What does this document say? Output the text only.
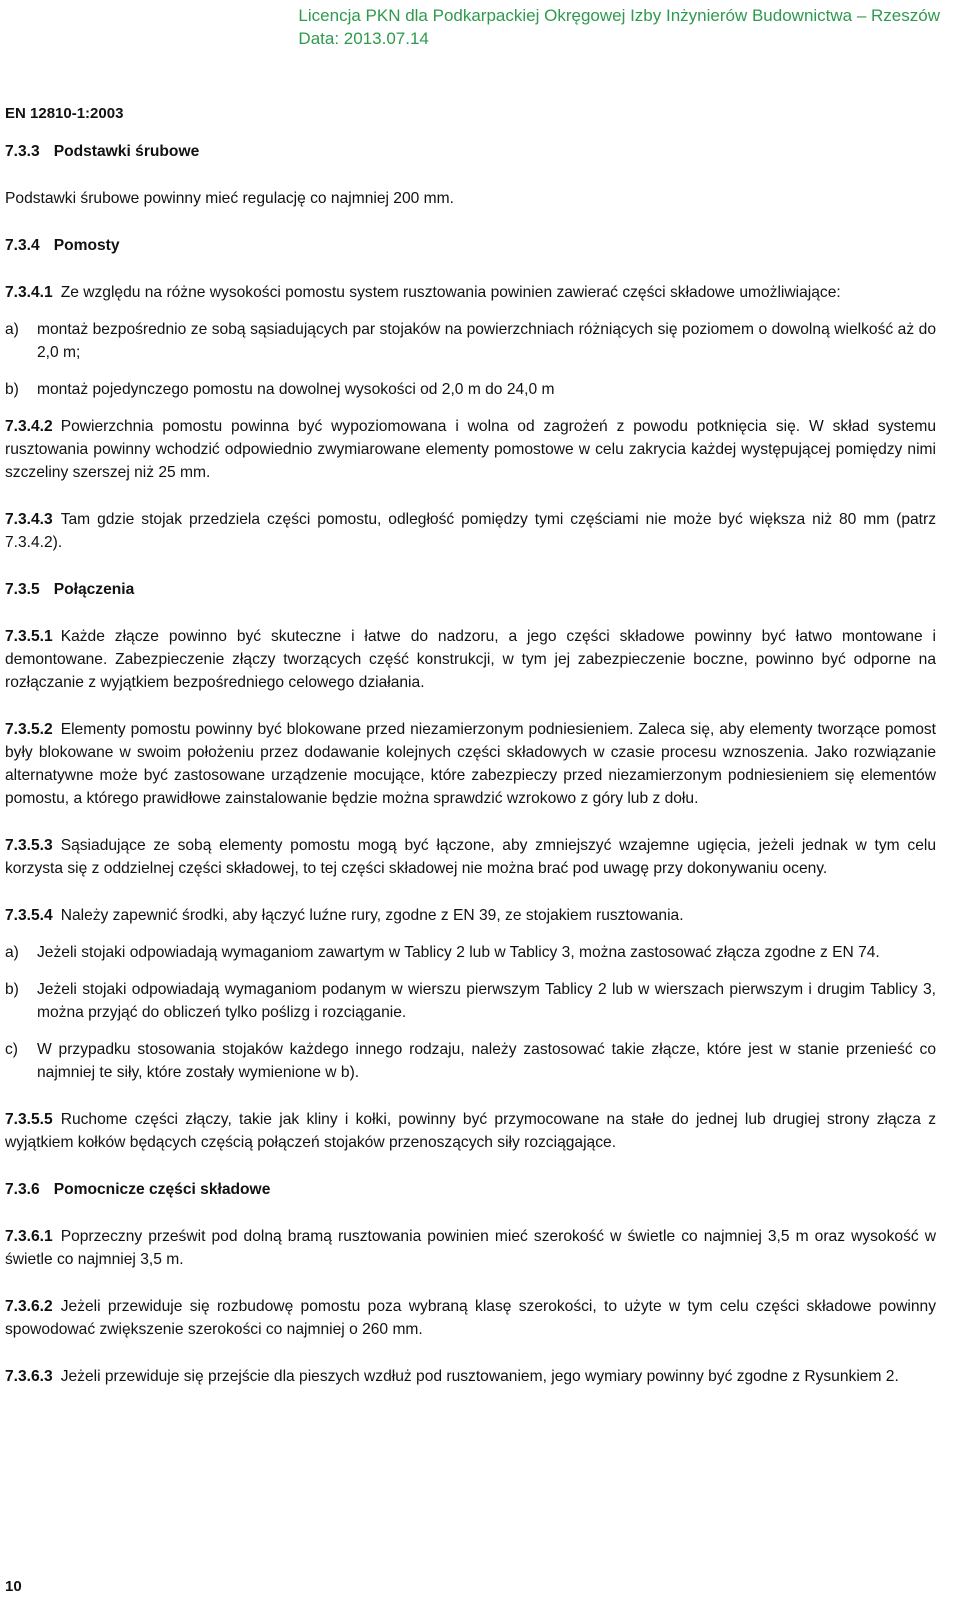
Licencja PKN dla Podkarpackiej Okręgowej Izby Inżynierów Budownictwa – Rzeszów
Data: 2013.07.14
EN 12810-1:2003

7.3.3 Podstawki śrubowe

Podstawki śrubowe powinny mieć regulację co najmniej 200 mm.

7.3.4 Pomosty

7.3.4.1 Ze względu na różne wysokości pomostu system rusztowania powinien zawierać części składowe umożliwiające:

a)	montaż bezpośrednio ze sobą sąsiadujących par stojaków na powierzchniach różniących się poziomem o dowolną wielkość aż do 2,0 m;
b)	montaż pojedynczego pomostu na dowolnej wysokości od 2,0 m do 24,0 m

7.3.4.2 Powierzchnia pomostu powinna być wypoziomowana i wolna od zagrożeń z powodu potknięcia się. W skład systemu rusztowania powinny wchodzić odpowiednio zwymiarowane elementy pomostowe w celu zakrycia każdej występującej pomiędzy nimi szczeliny szerszej niż 25 mm.

7.3.4.3 Tam gdzie stojak przedziela części pomostu, odległość pomiędzy tymi częściami nie może być większa niż 80 mm (patrz 7.3.4.2).

7.3.5 Połączenia

7.3.5.1 Każde złącze powinno być skuteczne i łatwe do nadzoru, a jego części składowe powinny być łatwo montowane i demontowane. Zabezpieczenie złączy tworzących część konstrukcji, w tym jej zabezpieczenie boczne, powinno być odporne na rozłączanie z wyjątkiem bezpośredniego celowego działania.

7.3.5.2 Elementy pomostu powinny być blokowane przed niezamierzonym podniesieniem. Zaleca się, aby elementy tworzące pomost były blokowane w swoim położeniu przez dodawanie kolejnych części składowych w czasie procesu wznoszenia. Jako rozwiązanie alternatywne może być zastosowane urządzenie mocujące, które zabezpieczy przed niezamierzonym podniesieniem się elementów pomostu, a którego prawidłowe zainstalowanie będzie można sprawdzić wzrokowo z góry lub z dołu.

7.3.5.3 Sąsiadujące ze sobą elementy pomostu mogą być łączone, aby zmniejszyć wzajemne ugięcia, jeżeli jednak w tym celu korzysta się z oddzielnej części składowej, to tej części składowej nie można brać pod uwagę przy dokonywaniu oceny.

7.3.5.4 Należy zapewnić środki, aby łączyć luźne rury, zgodne z EN 39, ze stojakiem rusztowania.

a)	Jeżeli stojaki odpowiadają wymaganiom zawartym w Tablicy 2 lub w Tablicy 3, można zastosować złącza zgodne z EN 74.
b)	Jeżeli stojaki odpowiadają wymaganiom podanym w wierszu pierwszym Tablicy 2 lub w wierszach pierwszym i drugim Tablicy 3, można przyjąć do obliczeń tylko poślizg i rozciąganie.
c)	W przypadku stosowania stojaków każdego innego rodzaju, należy zastosować takie złącze, które jest w stanie przenieść co najmniej te siły, które zostały wymienione w b).

7.3.5.5 Ruchome części złączy, takie jak kliny i kołki, powinny być przymocowane na stałe do jednej lub drugiej strony złącza z wyjątkiem kołków będących częścią połączeń stojaków przenoszących siły rozciągające.

7.3.6 Pomocnicze części składowe

7.3.6.1 Poprzeczny prześwit pod dolną bramą rusztowania powinien mieć szerokość w świetle co najmniej 3,5 m oraz wysokość w świetle co najmniej 3,5 m.

7.3.6.2 Jeżeli przewiduje się rozbudowę pomostu poza wybraną klasę szerokości, to użyte w tym celu części składowe powinny spowodować zwiększenie szerokości co najmniej o 260 mm.

7.3.6.3 Jeżeli przewiduje się przejście dla pieszych wzdłuż pod rusztowaniem, jego wymiary powinny być zgodne z Rysunkiem 2.

10
